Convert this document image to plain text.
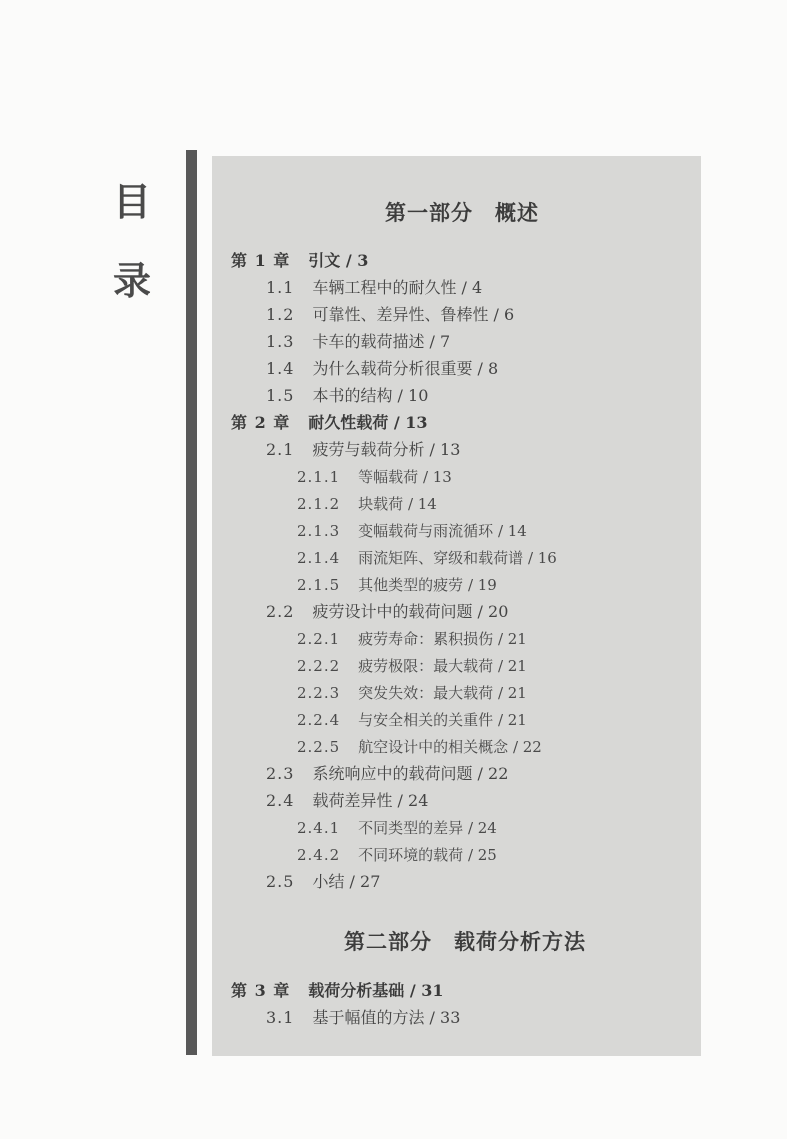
目
录
第一部分　概述
第 1 章 引文 / 3
1.1 车辆工程中的耐久性 / 4
1.2 可靠性、差异性、鲁棒性 / 6
1.3 卡车的载荷描述 / 7
1.4 为什么载荷分析很重要 / 8
1.5 本书的结构 / 10
第 2 章 耐久性载荷 / 13
2.1 疲劳与载荷分析 / 13
2.1.1 等幅载荷 / 13
2.1.2 块载荷 / 14
2.1.3 变幅载荷与雨流循环 / 14
2.1.4 雨流矩阵、穿级和载荷谱 / 16
2.1.5 其他类型的疲劳 / 19
2.2 疲劳设计中的载荷问题 / 20
2.2.1 疲劳寿命：累积损伤 / 21
2.2.2 疲劳极限：最大载荷 / 21
2.2.3 突发失效：最大载荷 / 21
2.2.4 与安全相关的关重件 / 21
2.2.5 航空设计中的相关概念 / 22
2.3 系统响应中的载荷问题 / 22
2.4 载荷差异性 / 24
2.4.1 不同类型的差异 / 24
2.4.2 不同环境的载荷 / 25
2.5 小结 / 27
第二部分　载荷分析方法
第 3 章 载荷分析基础 / 31
3.1 基于幅值的方法 / 33
